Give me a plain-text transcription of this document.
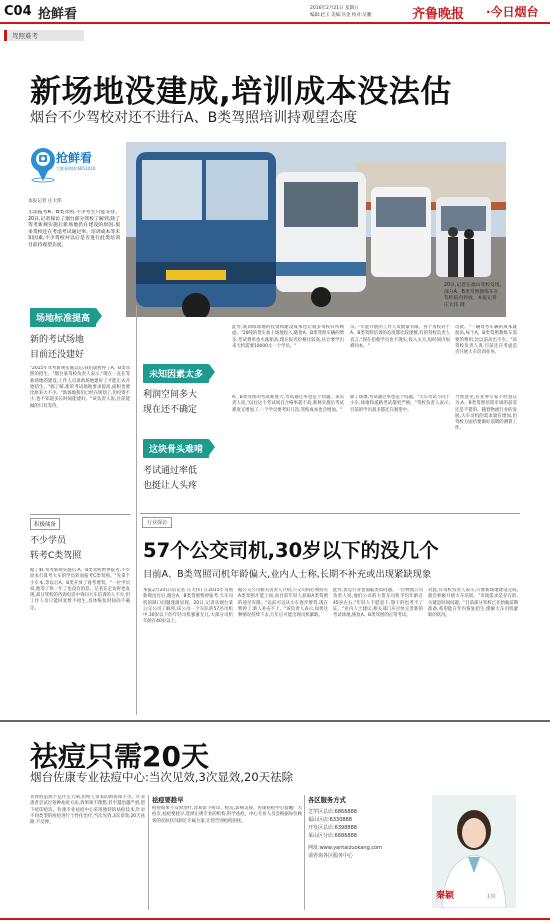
C04 抢鲜看	2016年2月21日 星期五
编辑:赵玉 美编:冯金 校对:吴鹏	齐鲁晚报 ·今日烟台
驾照难考
新场地没建成,培训成本没法估
烟台不少驾校对还不进行A、B类驾照培训持观望态度
抢鲜看
大鲜看热线:6651010
本报记者 庄大伟
无法报考A、B类驾照,不少考生只能等待。20日,记者探访了烟台部分驾校了解到,除了驾考新规实施后新场地仍在建设的原因,很多驾校还在考虑考试通过率、培训成本等未知因素,不少驾校对以后是否进行此类培训目前持观望态度。
20日,记者在福山驾校发现,部分A、B类驾照教练车在驾校院内停放。本报记者 庄大伟 摄
场地标准提高
新的考试场地
目前还没建好
"2015年驾考新规实施以后,我们就暂停了A、B类驾照的招生。"烟台某驾校负责人表示,"现在一直在等新场地的建设,工作人员说新场地建好了才能正式开始招生。"据了解,新的考试场地要求提高,面积也要比原来大不少。"新场地我们已经在规划了,但投资不小,也不知道多长时间能建好。"该负责人说,目前能做的只有等待。
积极储备
不少学员
转考C类驾照
据了解,驾考新规实施后,A、B类驾照暂停报考,不少原本打算考大车的学员转而报考C类驾照。"先拿个小车本,等以后A、B类开放了再考增驾。"一位学员说,他等了快一年了也没有消息。记者在走访时也发现,部分驾校的咨询电话中询问大车培训的人不少,但工作人员只能回复暂不招生,具体恢复时间尚不确定。
未知因素太多
利润空间多大
现在还不确定
这块骨头难啃
考试通过率低
也挺让人头疼
此外,新训练场地的投资和建设成本也让很多驾校有所顾虑。"20吨的货车加上场地投入,随着A、B类驾照车辆的增多,考试费用也水涨船高,现在报名价格比较高,估计要学出来大约需要10000元一个学员。"
A、B类驾照的考试难度大,考试通过率也是个问题。该负责人说,"以往这个考试项目合格率就不高,新规实施后考试难度又增加了,一个学员要考好几次,驾校成本也会增加。"
员,一年能开展的工作人员数量有限。各个驾校对于A、B类驾照培训的态度都比较谨慎,有的驾校负责人直言,"现在招收学员也不现实,投入太大,短时间内很难回本。"
除了场地,考试通过率也是个问题。"大车考试不同于小车,场地和道路考试都更严格。"驾校负责人表示,目前的学员很多都还在观望中。
员批。"一辆驾考车辆的成本就很高,每个A、B类驾照教练车需要的费用,比以前高出不少。"该驾校负责人说,目前还在考虑是否开展大车培训业务。
当然意见,有业界专家不经意认为,A、B类驾照培训市场的前景还是不错的。随着物流行业的发展,大车司机的需求量在增加,但驾校方面仍要做好前期的测算工作。
行业探访
57个公交司机,30岁以下的没几个
目前A、B类驾照司机年龄偏大,业内人士称,长期不补充或出现紧缺现象
本报2月20日讯(记者 庄大伟) 在2015年驾照新规出台后,烟台A、B类驾照暂停报考,大车司机的缺口问题逐渐显现。20日,记者从烟台某公交公司了解到,该公司一个车队的57名司机中,30岁以下的年轻司机寥寥无几,大部分司机年龄在40岁以上。
据公交公司相关负责人介绍,公交司机必须持有A类驾照才能上岗,而目前年轻人获取A类驾照的途径有限。"以前可以从小车逐步增驾,现在暂停了,新人补充不上。"该负责人表示,如果这种情况持续下去,几年后可能出现司机紧缺。
此外,货运行业也面临类似问题。一位物流公司负责人说,他们公司的大货车司机平均年龄在45岁左右,"年轻人不愿意干,想干的也考不了证。"业内人士建议,相关部门应尽快完善新的考试场地,恢复A、B类驾照的正常考试。
对此,有驾校负责人表示,只要新场地建设完成,就会积极开展大车培训。"市场需求是存在的,关键是时间问题。"目前部分驾校已开始做前期准备,希望能在年内恢复招生,缓解大车司机紧缺的状况。
祛痘只需20天
烟台佐康专业祛痘中心:当次见效,3次显效,20天祛除
青春痘虽然不是什么大病,但给人带来的困扰却不少。许多患者尝试过各种祛痘方法,效果却不理想,甚至越治越严重,留下痘印痘坑。佐康专业祛痘中心采用独特的祛痘技术,针对不同类型的痘痘进行个性化治疗,当次见效,3次显效,20天祛除,不反弹。
祛痘要趁早
痘痘如果不及时治疗,容易留下痘印、痘坑,影响美观。佐康祛痘中心提醒广大痘友,祛痘要趁早,选择正规专业的机构,科学祛痘。中心专业人员会根据每位顾客的皮肤状况制定专属方案,让您告别痘痘困扰。
各区服务方式
芝罘区总店:6866888
福山区店:6330888
开发区总店:6398888
莱山区分店:6686888
网址:www.yantaizuokang.com
请咨询各区服务中心
秦颖	主任
